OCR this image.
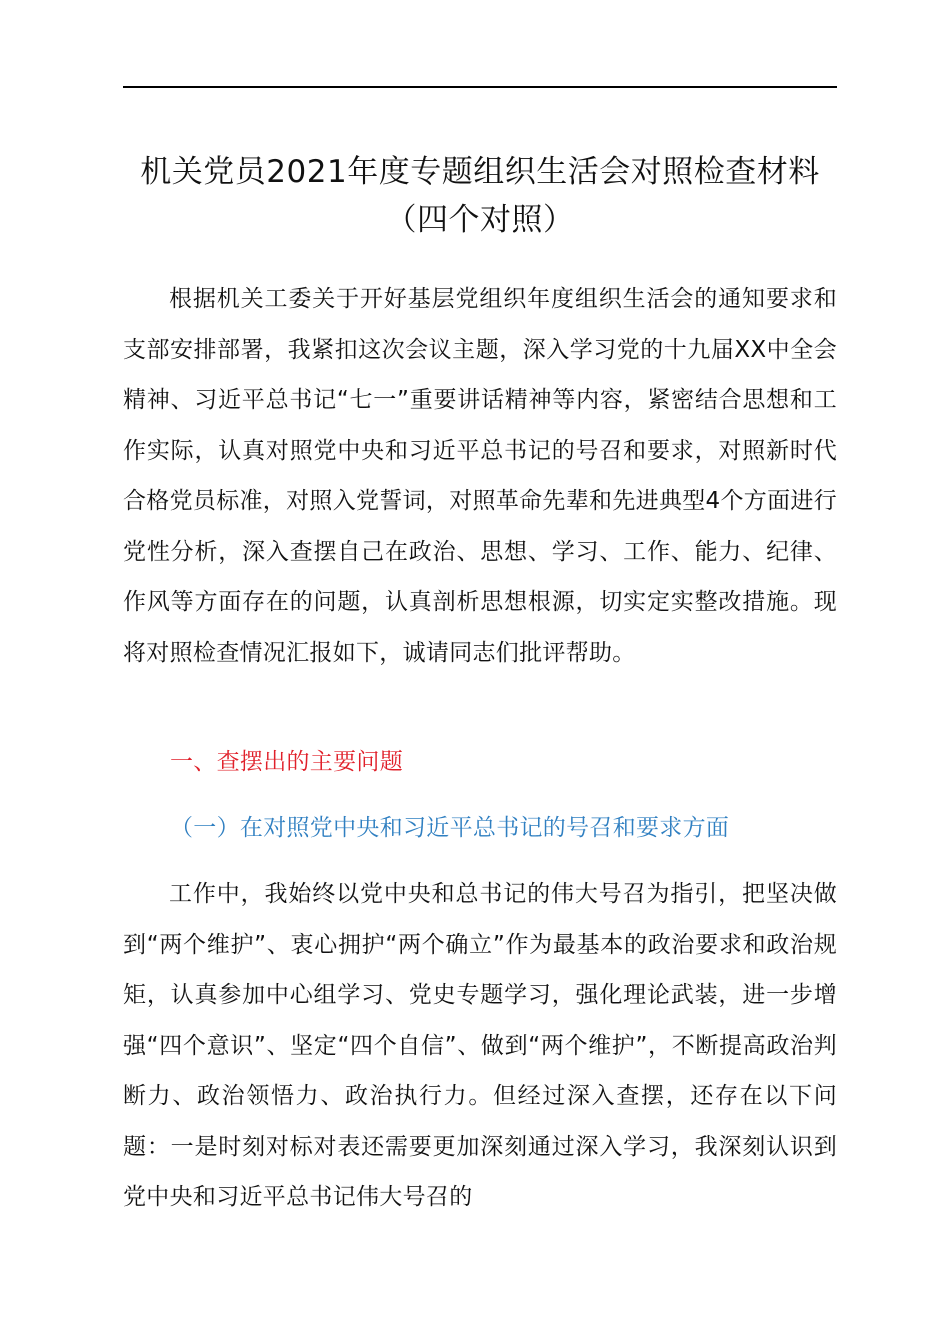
机关党员2021年度专题组织生活会对照检查材料（四个对照）

根据机关工委关于开好基层党组织年度组织生活会的通知要求和支部安排部署，我紧扣这次会议主题，深入学习党的十九届XX中全会精神、习近平总书记“七一”重要讲话精神等内容，紧密结合思想和工作实际，认真对照党中央和习近平总书记的号召和要求，对照新时代合格党员标准，对照入党誓词，对照革命先辈和先进典型4个方面进行党性分析，深入查摆自己在政治、思想、学习、工作、能力、纪律、作风等方面存在的问题，认真剖析思想根源，切实定实整改措施。现将对照检查情况汇报如下，诚请同志们批评帮助。

一、查摆出的主要问题
（一）在对照党中央和习近平总书记的号召和要求方面

工作中，我始终以党中央和总书记的伟大号召为指引，把坚决做到“两个维护”、衷心拥护“两个确立”作为最基本的政治要求和政治规矩，认真参加中心组学习、党史专题学习，强化理论武装，进一步增强“四个意识”、坚定“四个自信”、做到“两个维护”，不断提高政治判断力、政治领悟力、政治执行力。但经过深入查摆，还存在以下问题：一是时刻对标对表还需要更加深刻通过深入学习，我深刻认识到党中央和习近平总书记伟大号召的
